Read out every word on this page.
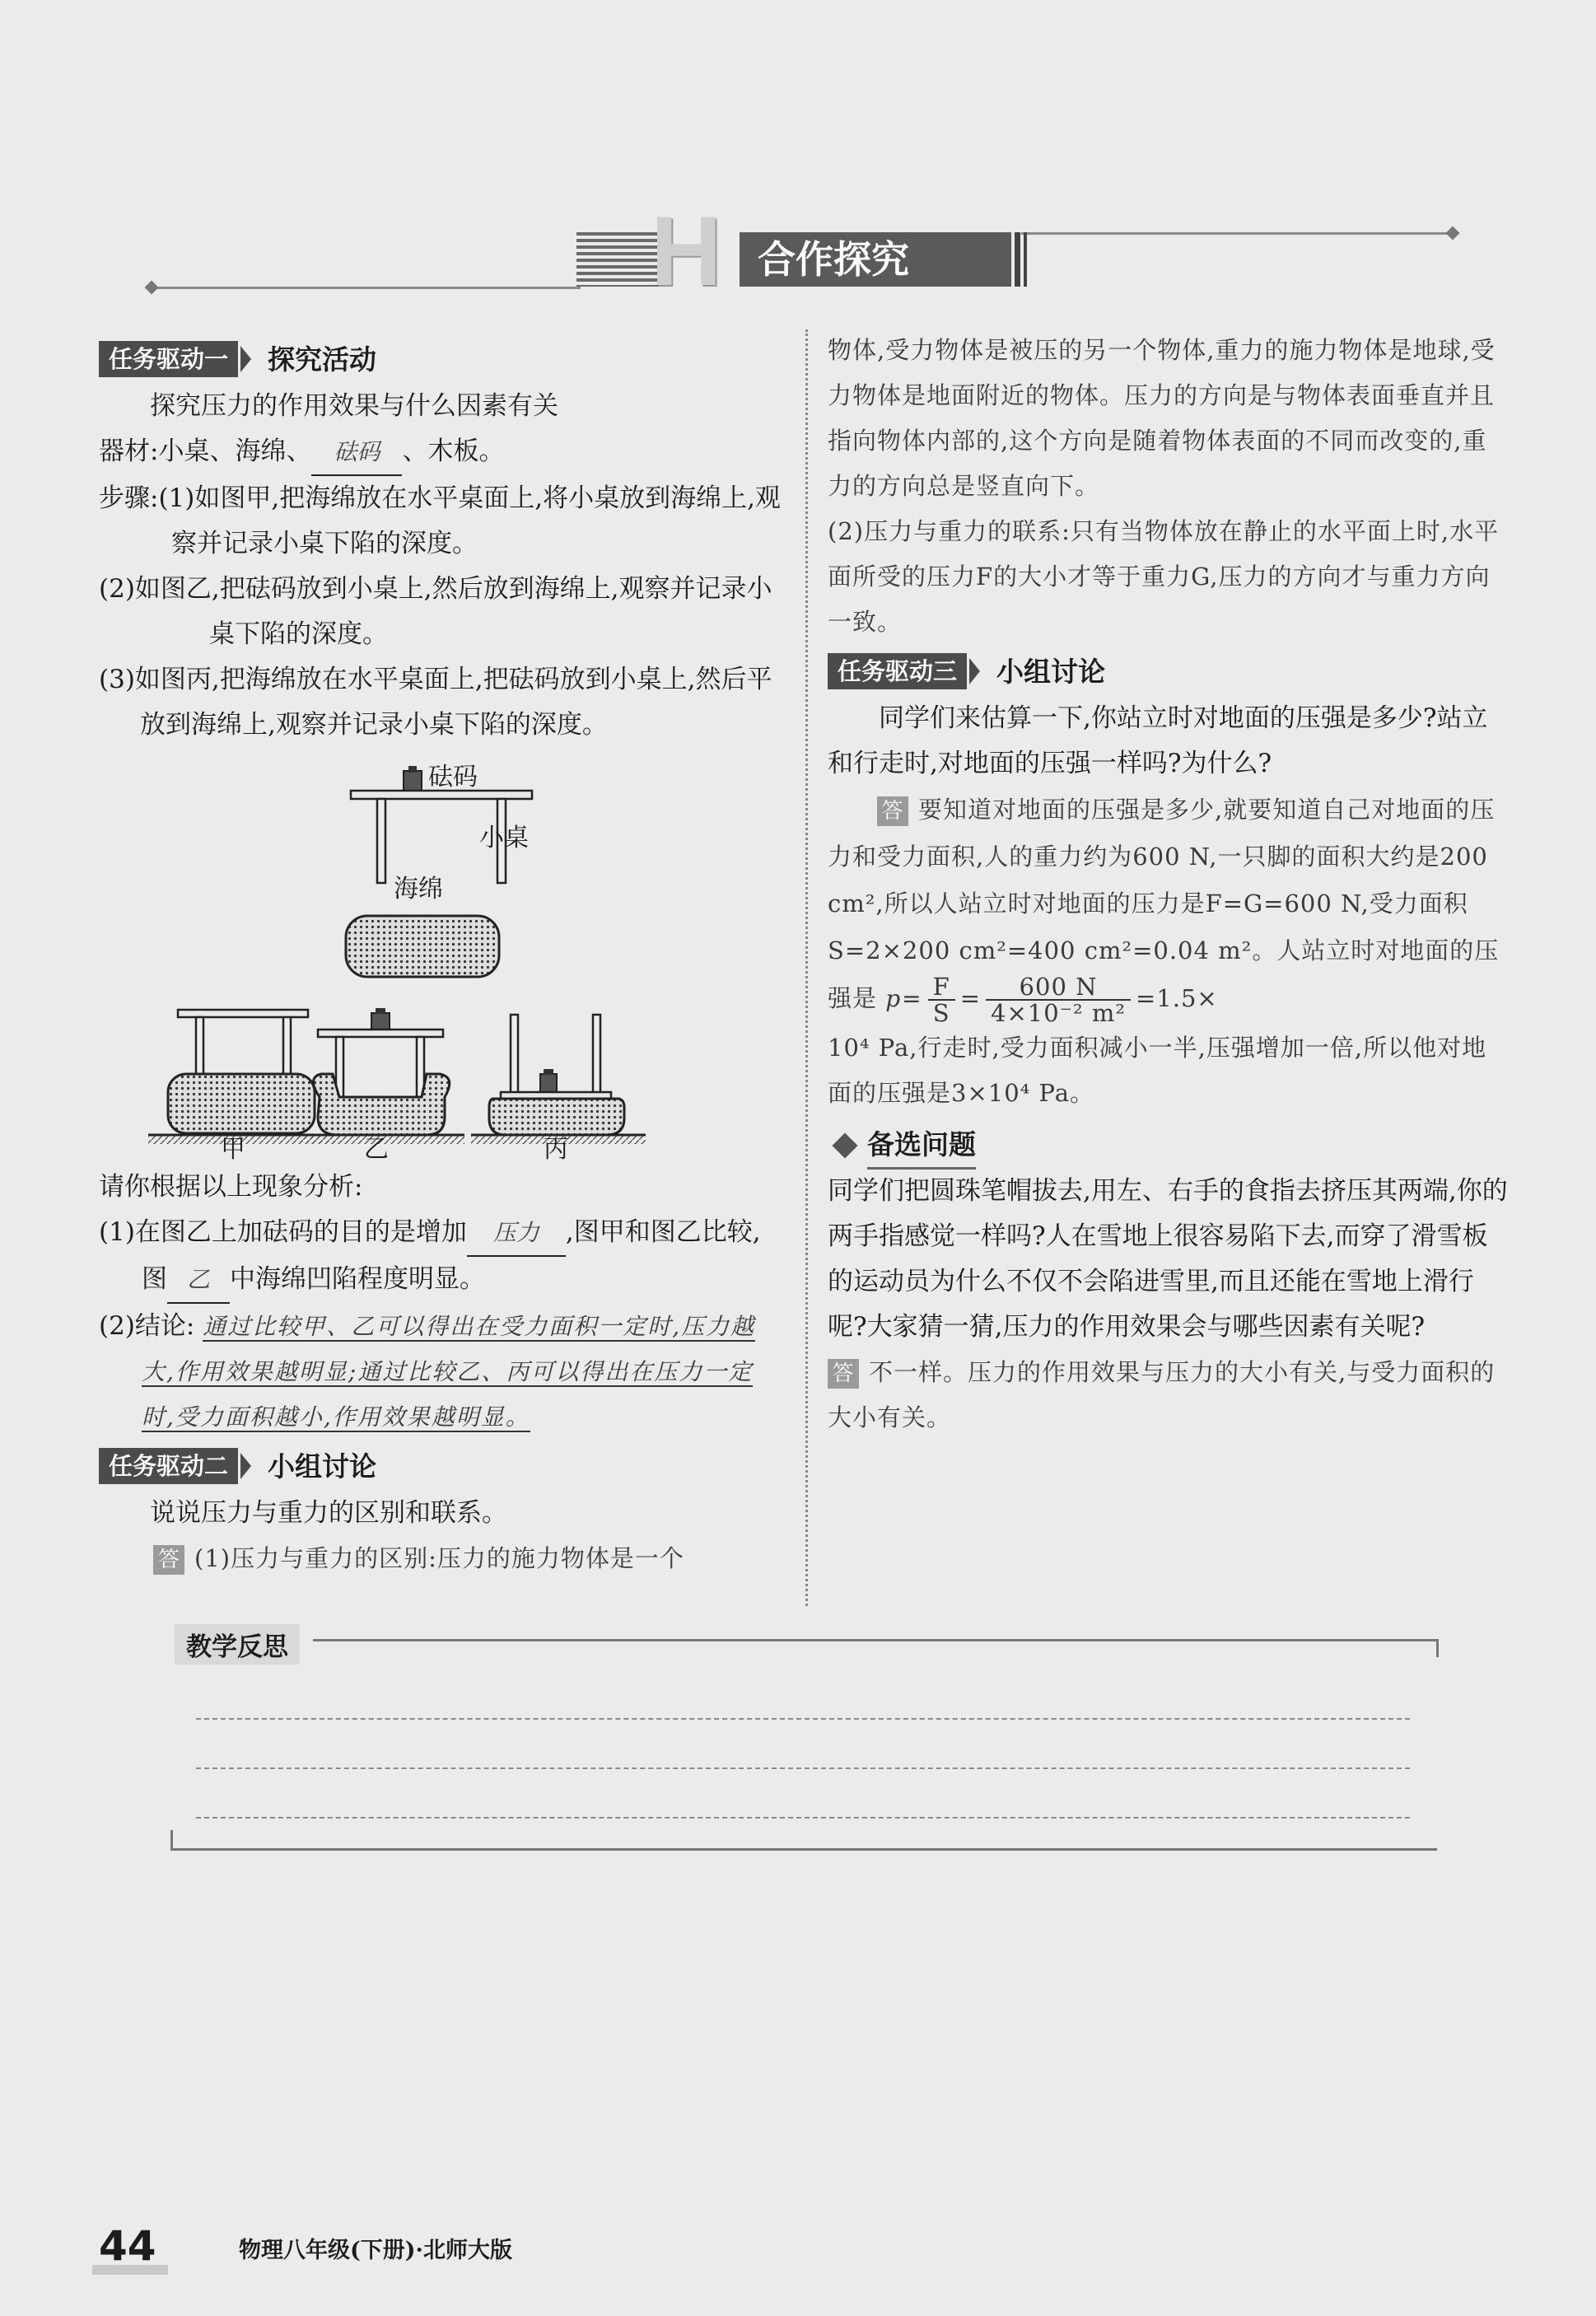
H 合作探究
任务驱动一	探究活动

探究压力的作用效果与什么因素有关

器材:小桌、海绵、 砝码 、木板。

步骤:(1)如图甲,把海绵放在水平桌面上,将小桌放到海绵上,观察并记录小桌下陷的深度。

(2)如图乙,把砝码放到小桌上,然后放到海绵上,观察并记录小桌下陷的深度。

(3)如图丙,把海绵放在水平桌面上,把砝码放到小桌上,然后平放到海绵上,观察并记录小桌下陷的深度。

砝码
小桌
海绵
甲	乙	丙

请你根据以上现象分析:

(1)在图乙上加砝码的目的是增加 压力 ,图甲和图乙比较,图 乙 中海绵凹陷程度明显。

(2)结论: 通过比较甲、乙可以得出在受力面积一定时,压力越大,作用效果越明显;通过比较乙、丙可以得出在压力一定时,受力面积越小,作用效果越明显。

任务驱动二	小组讨论

说说压力与重力的区别和联系。

答 (1)压力与重力的区别:压力的施力物体是一个

物体,受力物体是被压的另一个物体,重力的施力物体是地球,受力物体是地面附近的物体。压力的方向是与物体表面垂直并且指向物体内部的,这个方向是随着物体表面的不同而改变的,重力的方向总是竖直向下。

(2)压力与重力的联系:只有当物体放在静止的水平面上时,水平面所受的压力F的大小才等于重力G,压力的方向才与重力方向一致。

任务驱动三	小组讨论

同学们来估算一下,你站立时对地面的压强是多少?站立和行走时,对地面的压强一样吗?为什么?

答 要知道对地面的压强是多少,就要知道自己对地面的压力和受力面积,人的重力约为600 N,一只脚的面积大约是200 cm²,所以人站立时对地面的压力是F=G=600 N,受力面积S=2×200 cm²=400 cm²=0.04 m²。人站立时对地面的压强是 $p= \frac{F}{S} = \frac{600 N}{\text{4×10⁻² m²}} =1.5\times$

10⁴ Pa,行走时,受力面积减小一半,压强增加一倍,所以他对地面的压强是3×10⁴ Pa。

备选问题

同学们把圆珠笔帽拔去,用左、右手的食指去挤压其两端,你的两手指感觉一样吗?人在雪地上很容易陷下去,而穿了滑雪板的运动员为什么不仅不会陷进雪里,而且还能在雪地上滑行呢?大家猜一猜,压力的作用效果会与哪些因素有关呢?

答 不一样。压力的作用效果与压力的大小有关,与受力面积的大小有关。

教学反思
44	物理八年级(下册)·北师大版
